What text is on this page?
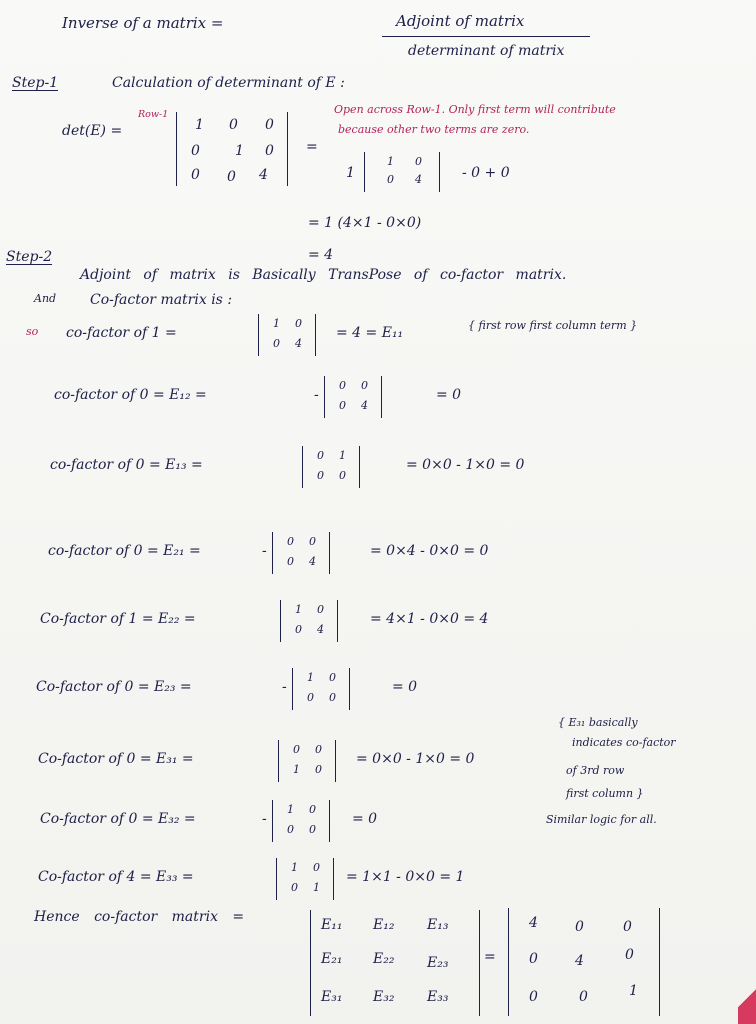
Inverse of a matrix =	Adjoint of matrix
determinant of matrix
Step-1	Calculation of determinant of E :
det(E) =
Row-1
1 0 0
0	1 0
0 0 4
=
Open across Row-1. Only first term will contribute
because other two terms are zero.
1
1 0
0 4	- 0 + 0
= 1 (4×1 - 0×0)
= 4
Step-2
Adjoint of matrix is Basically TransPose of co-factor matrix.
And Co-factor matrix is :
so co-factor of 1 =
1 0
0 4
= 4 = E₁₁	{ first row first column term }
co-factor of 0 = E₁₂ =	-
0 0
0 4
= 0
co-factor of 0 = E₁₃ =
0 1
0 0
= 0×0 - 1×0 = 0
co-factor of 0 = E₂₁ =	-
0 0
0 4
= 0×4 - 0×0 = 0
Co-factor of 1 = E₂₂ =
1 0
0 4
= 4×1 - 0×0 = 4
Co-factor of 0 = E₂₃ =	-
1 0
0 0
= 0
Co-factor of 0 = E₃₁ =
0 0
1 0
= 0×0 - 1×0 = 0
Co-factor of 0 = E₃₂ =	-
1 0
0 0
= 0
Co-factor of 4 = E₃₃ =
1 0
0 1
= 1×1 - 0×0 = 1
{ E₃₁ basically
indicates co-factor
of 3rd row
first column }
Similar logic for all.
Hence co-factor matrix =	E₁₁ E₁₂ E₁₃
E₂₁ E₂₂ E₂₃
E₃₁ E₃₂ E₃₃
=
4	0	0
0	4	0
0	0	1
